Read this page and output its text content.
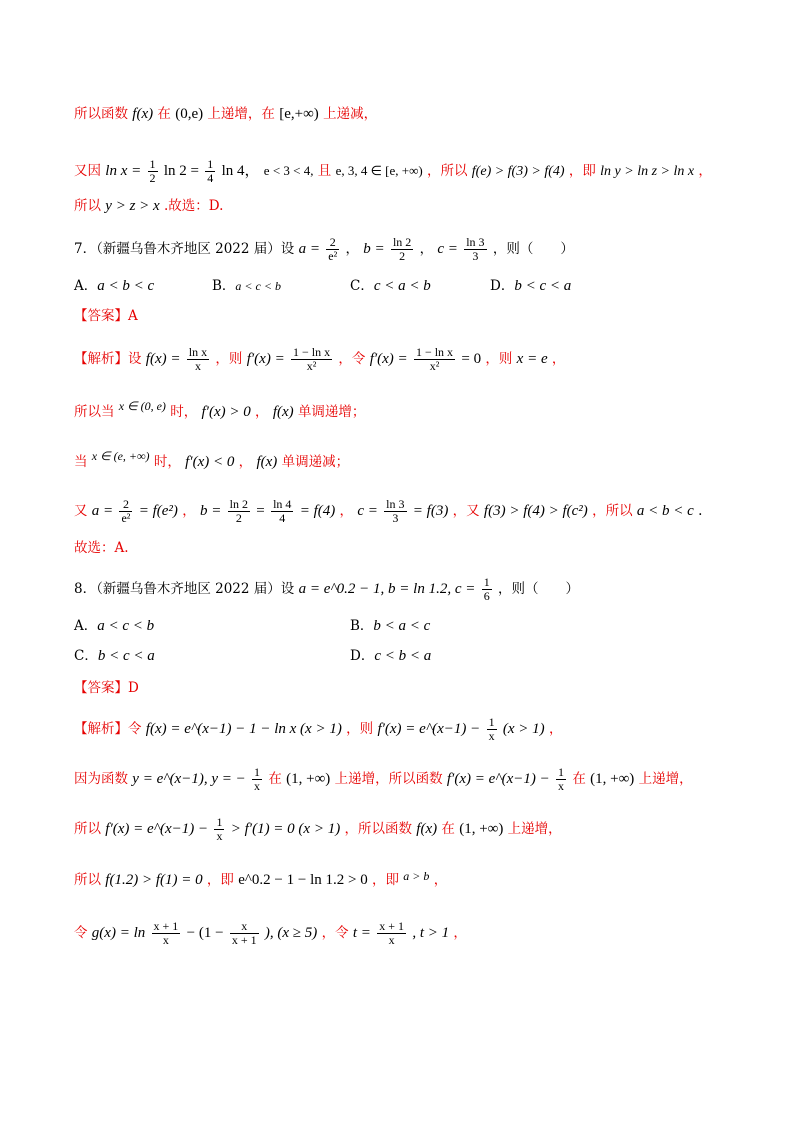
所以函数 f(x) 在 (0,e) 上递增，在 [e,+∞) 上递减，
又因 $\ln x = \frac{1}{2}$ $\ln 2 = \frac{1}{4}$ ln 4， e < 3 < 4, 且 e, 3, 4 ∈ [e, +∞) ，所以 f(e) > f(3) > f(4) ，即 ln y > ln z > ln x ，
所以 y > z > x .故选：D.
7．（新疆乌鲁木齐地区 2022 届）设 $a = \frac{2}{\text{e²}}$ ， $b = \frac{\ln 2}{2}$ ， $c = \frac{\ln 3}{3}$ ，则（　　）
A．a < b < c	B．a < c < b	C．c < a < b	D．b < c < a
【答案】A
【解析】设 $f(x) = \frac{\text{ln x}}{x}$ ，则 $f'(x) = \frac{\text{1 − ln x}}{\text{x²}}$ ，令 $f'(x) = \frac{\text{1 − ln x}}{\text{x²}} = 0$ ，则 x = e ，
所以当 x ∈ (0, e) 时， f′(x) > 0 ， f(x) 单调递增；
当 x ∈ (e, +∞) 时， f′(x) < 0 ， f(x) 单调递减；
又 $a = \frac{2}{\text{e²}} = f(e^2)$ ， $b = \frac{\ln 2}{2} = \frac{\ln 4}{4} = f(4)$ ， $c = \frac{\ln 3}{3} = f(3)$ ，又 f(3) > f(4) > f(c²) ，所以 a < b < c .
故选：A.
8．（新疆乌鲁木齐地区 2022 届）设 a = e^0.2 − 1, b = ln 1.2, $c = \frac{1}{6}$ ，则（　　）
A．a < c < b	B．b < a < c
C．b < c < a	D．c < b < a
【答案】D
【解析】令 f(x) = e^(x−1) − 1 − ln x (x > 1) ，则 f′(x) = e^(x−1) − $\frac{1}{x} (x > 1)$ ，
因为函数 y = e^(x−1), y = − $\frac{1}{x}$ 在 (1, +∞) 上递增，所以函数 f′(x) = e^(x−1) − $\frac{1}{x}$ 在 (1, +∞) 上递增，
所以 f′(x) = e^(x−1) − $\frac{1}{x} > f'(1) = 0$ (x > 1) ，所以函数 f(x) 在 (1, +∞) 上递增，
所以 f(1.2) > f(1) = 0 ，即 e^0.2 − 1 − ln 1.2 > 0 ，即 a > b ，
令 $g(x) = \ln \frac{x + 1}{x} - (1 - \frac{x}{x + 1}$ ), (x ≥ 5) ，令 $t = \frac{x + 1}{x}$ , t > 1 ，
